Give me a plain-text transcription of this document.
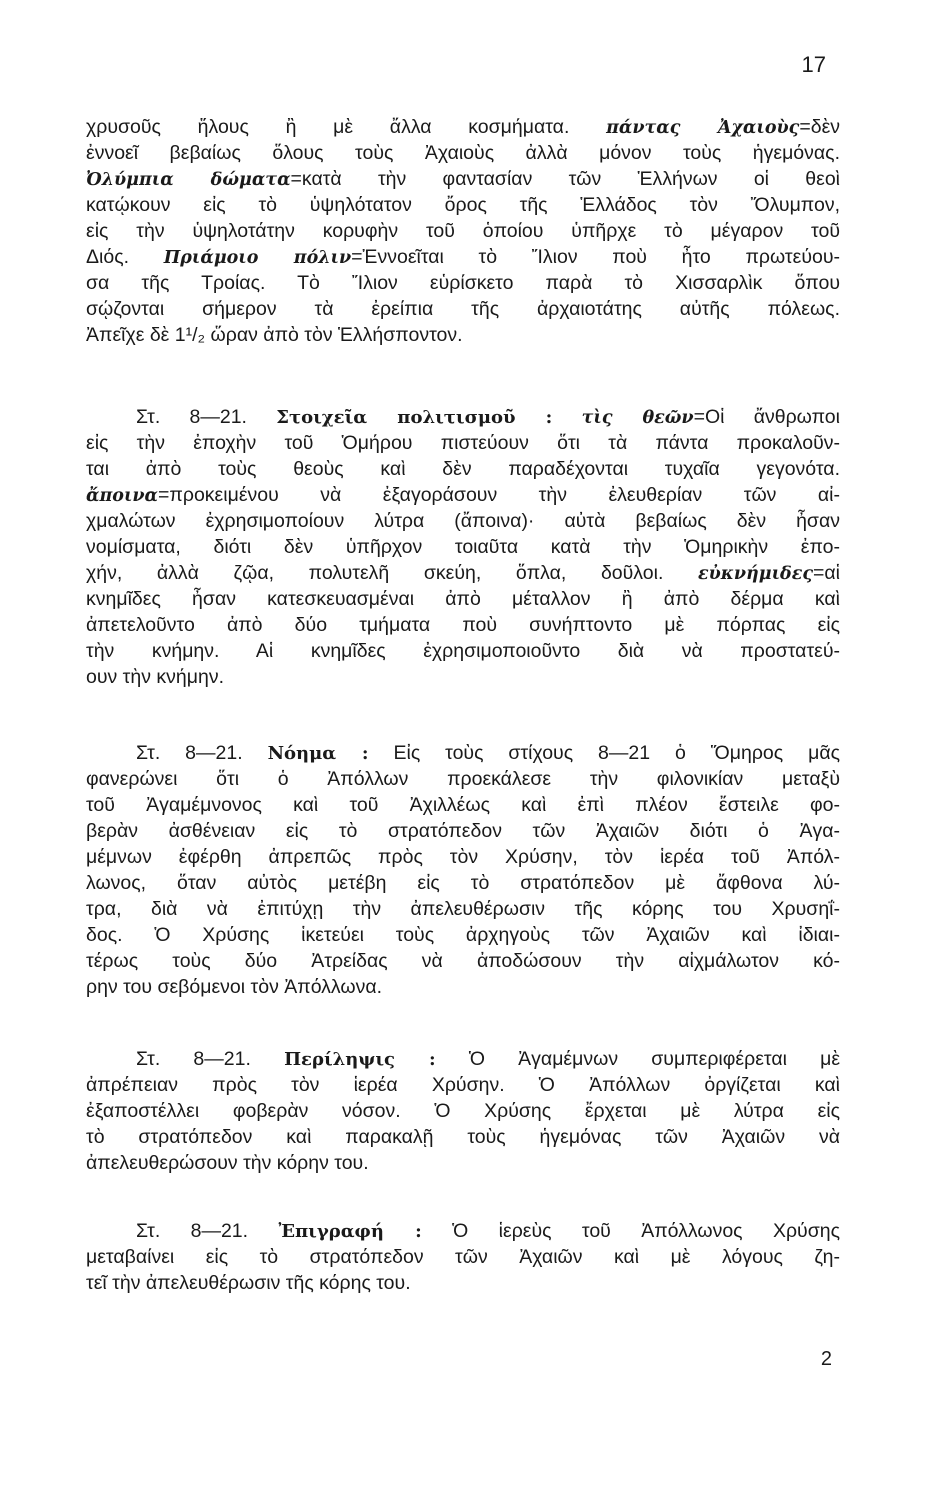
17
χρυσοῦς ἥλους ἢ μὲ ἄλλα κοσμήματα. πάντας Ἀχαιοὺς=δὲν
ἐννοεῖ βεβαίως ὅλους τοὺς Ἀχαιοὺς ἀλλὰ μόνον τοὺς ἡγεμόνας.
Ὀλύμπια δώματα=κατὰ τὴν φαντασίαν τῶν Ἑλλήνων οἱ θεοὶ
κατῴκουν εἰς τὸ ὑψηλότατον ὄρος τῆς Ἑλλάδος τὸν Ὄλυμπον,
εἰς τὴν ὑψηλοτάτην κορυφὴν τοῦ ὁποίου ὑπῆρχε τὸ μέγαρον τοῦ
Διός. Πριάμοιο πόλιν=Ἐννοεῖται τὸ Ἴλιον ποὺ ἦτο πρωτεύου-
σα τῆς Τροίας. Τὸ Ἴλιον εὑρίσκετο παρὰ τὸ Χισσαρλὶκ ὅπου
σῴζονται σήμερον τὰ ἐρείπια τῆς ἀρχαιοτάτης αὐτῆς πόλεως.
Ἀπεῖχε δὲ 1¹/₂ ὥραν ἀπὸ τὸν Ἑλλήσποντον.
Στ. 8—21. Στοιχεῖα πολιτισμοῦ : τὶς θεῶν=Οἱ ἄνθρωποι
εἰς τὴν ἐποχὴν τοῦ Ὁμήρου πιστεύουν ὅτι τὰ πάντα προκαλοῦν-
ται ἀπὸ τοὺς θεοὺς καὶ δὲν παραδέχονται τυχαῖα γεγονότα.
ἄποινα=προκειμένου νὰ ἐξαγοράσουν τὴν ἐλευθερίαν τῶν αἰ-
χμαλώτων ἐχρησιμοποίουν λύτρα (ἄποινα)· αὐτὰ βεβαίως δὲν ἦσαν
νομίσματα, διότι δὲν ὑπῆρχον τοιαῦτα κατὰ τὴν Ὁμηρικὴν ἐπο-
χήν, ἀλλὰ ζῷα, πολυτελῆ σκεύη, ὅπλα, δοῦλοι. εὐκνήμιδες=αἱ
κνημῖδες ἦσαν κατεσκευασμέναι ἀπὸ μέταλλον ἢ ἀπὸ δέρμα καὶ
ἀπετελοῦντο ἀπὸ δύο τμήματα ποὺ συνήπτοντο μὲ πόρπας εἰς
τὴν κνήμην. Αἱ κνημῖδες ἐχρησιμοποιοῦντο διὰ νὰ προστατεύ-
ουν τὴν κνήμην.
Στ. 8—21. Νόημα : Εἰς τοὺς στίχους 8—21 ὁ Ὅμηρος μᾶς
φανερώνει ὅτι ὁ Ἀπόλλων προεκάλεσε τὴν φιλονικίαν μεταξὺ
τοῦ Ἀγαμέμνονος καὶ τοῦ Ἀχιλλέως καὶ ἐπὶ πλέον ἔστειλε φο-
βερὰν ἀσθένειαν εἰς τὸ στρατόπεδον τῶν Ἀχαιῶν διότι ὁ Ἀγα-
μέμνων ἐφέρθη ἀπρεπῶς πρὸς τὸν Χρύσην, τὸν ἱερέα τοῦ Ἀπόλ-
λωνος, ὅταν αὐτὸς μετέβη εἰς τὸ στρατόπεδον μὲ ἄφθονα λύ-
τρα, διὰ νὰ ἐπιτύχῃ τὴν ἀπελευθέρωσιν τῆς κόρης του Χρυσηΐ-
δος. Ὁ Χρύσης ἱκετεύει τοὺς ἀρχηγοὺς τῶν Ἀχαιῶν καὶ ἰδιαι-
τέρως τοὺς δύο Ἀτρείδας νὰ ἀποδώσουν τὴν αἰχμάλωτον κό-
ρην του σεβόμενοι τὸν Ἀπόλλωνα.
Στ. 8—21. Περίληψις : Ὁ Ἀγαμέμνων συμπεριφέρεται μὲ
ἀπρέπειαν πρὸς τὸν ἱερέα Χρύσην. Ὁ Ἀπόλλων ὀργίζεται καὶ
ἐξαποστέλλει φοβερὰν νόσον. Ὁ Χρύσης ἔρχεται μὲ λύτρα εἰς
τὸ στρατόπεδον καὶ παρακαλῇ τοὺς ἡγεμόνας τῶν Ἀχαιῶν νὰ
ἀπελευθερώσουν τὴν κόρην του.
Στ. 8—21. Ἐπιγραφή : Ὁ ἱερεὺς τοῦ Ἀπόλλωνος Χρύσης
μεταβαίνει εἰς τὸ στρατόπεδον τῶν Ἀχαιῶν καὶ μὲ λόγους ζη-
τεῖ τὴν ἀπελευθέρωσιν τῆς κόρης του.
2
